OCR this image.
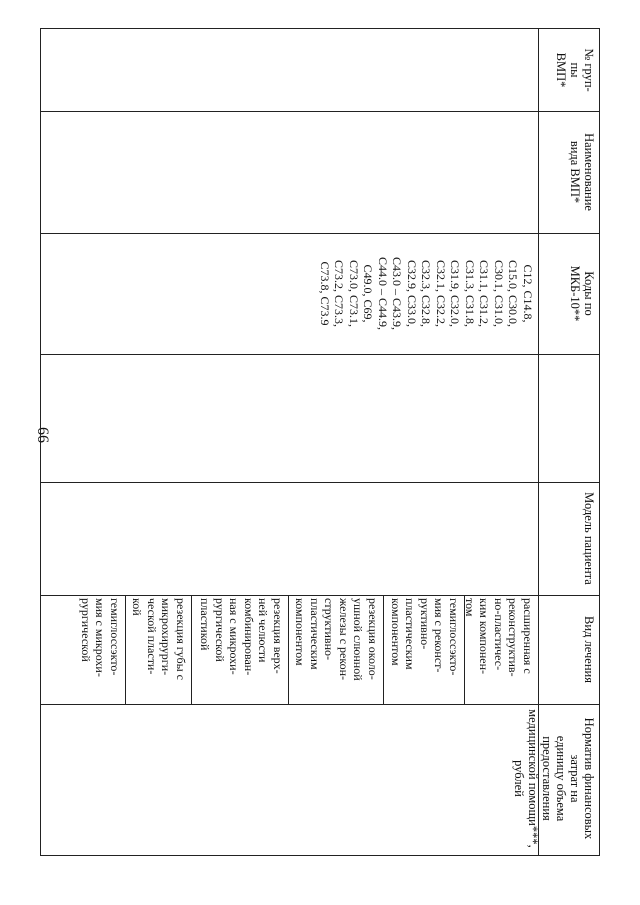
66
№ груп-
пы
ВМП*
Наименование
вида ВМП*
Коды по
МКБ-10**
Модель пациента
Вид лечения
Норматив финансовых затрат на
единицу объема предоставления
медицинской помощи***, рублей
C12, C14.8,
C15.0, C30.0,
C30.1, C31.0,
C31.1, C31.2,
C31.3, C31.8,
C31.9, C32.0,
C32.1, C32.2,
C32.3, C32.8,
C32.9, C33.0,
C43.0 – C43.9,
C44.0 – C44.9,
C49.0, C69,
C73.0, C73.1,
C73.2, C73.3,
C73.8, C73.9
расширенная с
реконструктив-
но-пластичес-
ким компонен-
том
гемиглоссэкто-
мия с реконст-
руктивно-
пластическим
компонентом
резекция около-
ушной слюнной
железы с рекон-
структивно-
пластическим
компонентом
резекция верх-
ней челюсти
комбинирован-
ная с микрохи-
рургической
пластикой
резекция губы с
микрохирурги-
ческой пласти-
кой
гемиглоссэкто-
мия с микрохи-
рургической
